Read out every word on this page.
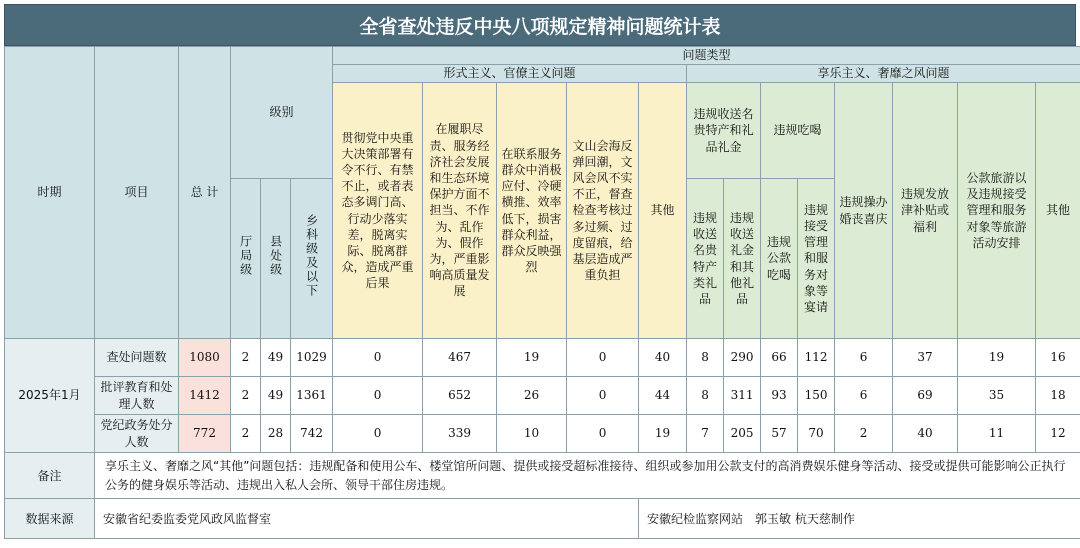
全省查处违反中央八项规定精神问题统计表
时期	项目	总 计	级别			问题类型												
						形式主义、官僚主义问题					享乐主义、奢靡之风问题							
						贯彻党中央重大决策部署有令不行、有禁不止，或者表态多调门高、行动少落实差，脱离实际、脱离群众，造成严重后果	在履职尽责、服务经济社会发展和生态环境保护方面不担当、不作为、乱作为、假作为，严重影响高质量发展	在联系服务群众中消极应付、冷硬横推、效率低下，损害群众利益，群众反映强烈	文山会海反弹回潮，文风会风不实不正，督查检查考核过多过频、过度留痕，给基层造成严重负担	其他	违规收送名贵特产和礼品礼金		违规吃喝		违规操办婚丧喜庆	违规发放津补贴或福利	公款旅游以及违规接受管理和服务对象等旅游活动安排	其他
			厅局级	县处级	乡科级及以下						违规收送名贵特产类礼品	违规收送礼金和其他礼品	违规公款吃喝	违规接受管理和服务对象等宴请				
2025年1月	查处问题数	1080	2	49	1029	0	467	19	0	40	8	290	66	112	6	37	19	16
	批评教育和处理人数	1412	2	49	1361	0	652	26	0	44	8	311	93	150	6	69	35	18
	党纪政务处分人数	772	2	28	742	0	339	10	0	19	7	205	57	70	2	40	11	12
备注	享乐主义、奢靡之风“其他”问题包括：违规配备和使用公车、楼堂馆所问题、提供或接受超标准接待、组织或参加用公款支付的高消费娱乐健身等活动、接受或提供可能影响公正执行公务的健身娱乐等活动、违规出入私人会所、领导干部住房违规。																	
数据来源	安徽省纪委监委党风政风监督室									安徽纪检监察网站　郭玉敏 杭天慈制作								
